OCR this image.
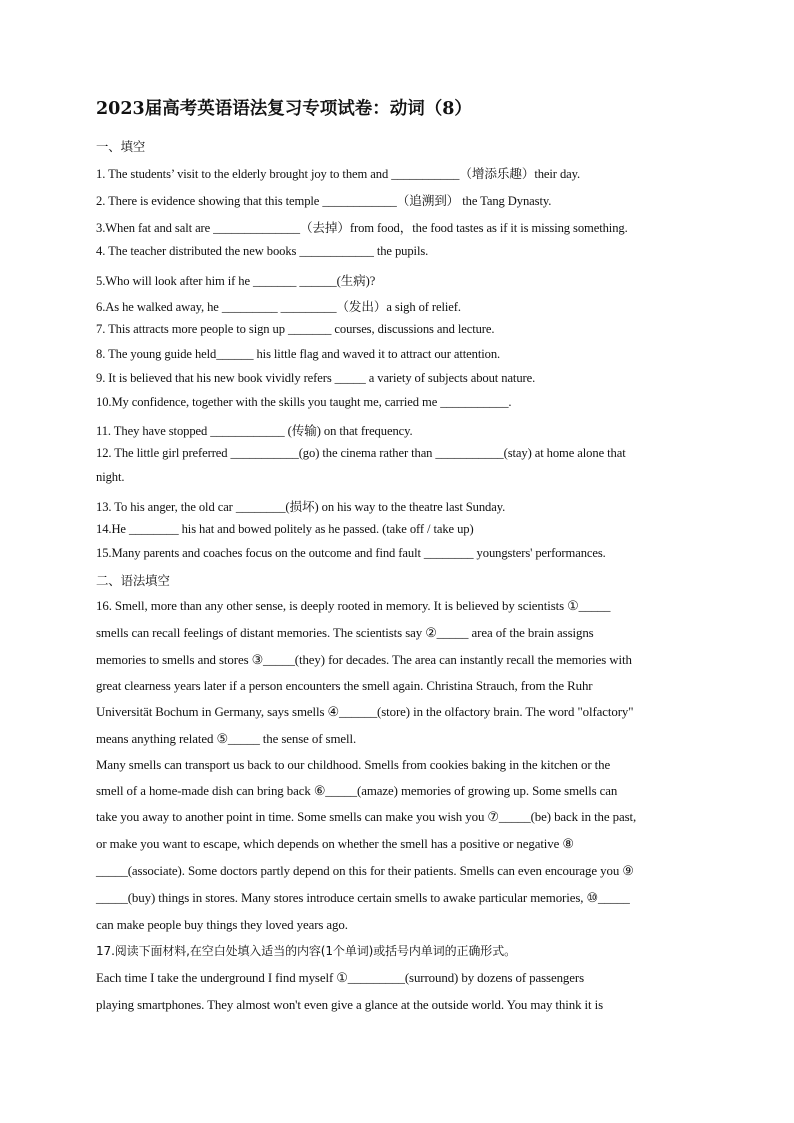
2023届高考英语语法复习专项试卷：动词（8）
一、填空
1. The students’ visit to the elderly brought joy to them and ___________（增添乐趣）their day.
2. There is evidence showing that this temple ____________（追溯到） the Tang Dynasty.
3.When fat and salt are ______________（去掉）from food，the food tastes as if it is missing something.
4. The teacher distributed the new books ____________ the pupils.
5.Who will look after him if he _______ ______(生病)?
6.As he walked away, he _________ _________（发出）a sigh of relief.
7. This attracts more people to sign up _______ courses, discussions and lecture.
8. The young guide held______ his little flag and waved it to attract our attention.
9. It is believed that his new book vividly refers _____ a variety of subjects about nature.
10.My confidence, together with the skills you taught me, carried me ___________.
11. They have stopped ____________ (传输) on that frequency.
12. The little girl preferred ___________(go) the cinema rather than ___________(stay) at home alone that
night.
13. To his anger, the old car ________(损坏) on his way to the theatre last Sunday.
14.He ________ his hat and bowed politely as he passed. (take off / take up)
15.Many parents and coaches focus on the outcome and find fault ________ youngsters' performances.
二、语法填空
16. Smell, more than any other sense, is deeply rooted in memory. It is believed by scientists ①_____
smells can recall feelings of distant memories. The scientists say ②_____ area of the brain assigns
memories to smells and stores ③_____(they) for decades. The area can instantly recall the memories with
great clearness years later if a person encounters the smell again. Christina Strauch, from the Ruhr
Universität Bochum in Germany, says smells ④______(store) in the olfactory brain. The word "olfactory"
means anything related ⑤_____ the sense of smell.
Many smells can transport us back to our childhood. Smells from cookies baking in the kitchen or the
smell of a home-made dish can bring back ⑥_____(amaze) memories of growing up. Some smells can
take you away to another point in time. Some smells can make you wish you ⑦_____(be) back in the past,
or make you want to escape, which depends on whether the smell has a positive or negative ⑧
_____(associate). Some doctors partly depend on this for their patients. Smells can even encourage you ⑨
_____(buy) things in stores. Many stores introduce certain smells to awake particular memories, ⑩_____
can make people buy things they loved years ago.
17.阅读下面材料,在空白处填入适当的内容(1个单词)或括号内单词的正确形式。
Each time I take the underground I find myself ①_________(surround) by dozens of passengers
playing smartphones. They almost won't even give a glance at the outside world. You may think it is
